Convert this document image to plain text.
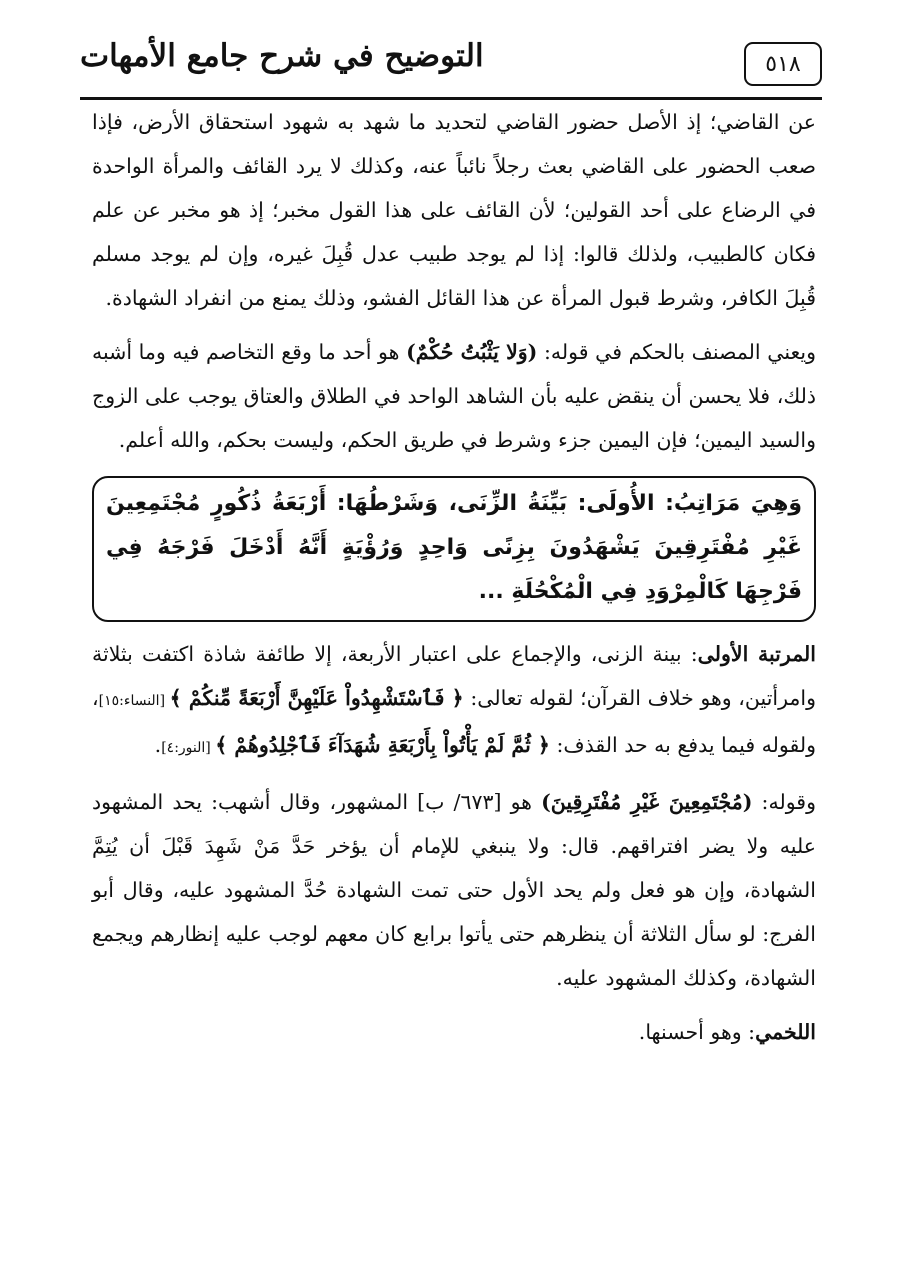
التوضيح في شرح جامع الأمهات	٥١٨

عن القاضي؛ إذ الأصل حضور القاضي لتحديد ما شهد به شهود استحقاق الأرض، فإذا صعب الحضور على القاضي بعث رجلاً نائباً عنه، وكذلك لا يرد القائف والمرأة الواحدة في الرضاع على أحد القولين؛ لأن القائف على هذا القول مخبر؛ إذ هو مخبر عن علم فكان كالطبيب، ولذلك قالوا: إذا لم يوجد طبيب عدل قُبِلَ غيره، وإن لم يوجد مسلم قُبِلَ الكافر، وشرط قبول المرأة عن هذا القائل الفشو، وذلك يمنع من انفراد الشهادة.

ويعني المصنف بالحكم في قوله: (وَلا يَثْبُتُ حُكْمٌ) هو أحد ما وقع التخاصم فيه وما أشبه ذلك، فلا يحسن أن ينقض عليه بأن الشاهد الواحد في الطلاق والعتاق يوجب على الزوج والسيد اليمين؛ فإن اليمين جزء وشرط في طريق الحكم، وليست بحكم، والله أعلم.

وَهِيَ مَرَاتِبُ: الأُولَى: بَيِّنَةُ الزِّنَى، وَشَرْطُهَا: أَرْبَعَةُ ذُكُورٍ مُجْتَمِعِينَ غَيْرِ مُفْتَرِقِينَ يَشْهَدُونَ بِزِنًى وَاحِدٍ وَرُؤْيَةٍ أَنَّهُ أَدْخَلَ فَرْجَهُ فِي فَرْجِهَا كَالْمِرْوَدِ فِي الْمُكْحُلَةِ ...

المرتبة الأولى: بينة الزنى، والإجماع على اعتبار الأربعة، إلا طائفة شاذة اكتفت بثلاثة وامرأتين، وهو خلاف القرآن؛ لقوله تعالى: ﴿ فَٱسْتَشْهِدُواْ عَلَيْهِنَّ أَرْبَعَةً مِّنكُمْ ﴾ [النساء:١٥]، ولقوله فيما يدفع به حد القذف: ﴿ ثُمَّ لَمْ يَأْتُواْ بِأَرْبَعَةِ شُهَدَآءَ فَٱجْلِدُوهُمْ ﴾ [النور:٤].

وقوله: (مُجْتَمِعِينَ غَيْرِ مُفْتَرِقِينَ) هو [٦٧٣/ ب] المشهور، وقال أشهب: يحد المشهود عليه ولا يضر افتراقهم. قال: ولا ينبغي للإمام أن يؤخر حَدَّ مَنْ شَهِدَ قَبْلَ أن يُتِمَّ الشهادة، وإن هو فعل ولم يحد الأول حتى تمت الشهادة حُدَّ المشهود عليه، وقال أبو الفرج: لو سأل الثلاثة أن ينظرهم حتى يأتوا برابع كان معهم لوجب عليه إنظارهم ويجمع الشهادة، وكذلك المشهود عليه.

اللخمي: وهو أحسنها.
